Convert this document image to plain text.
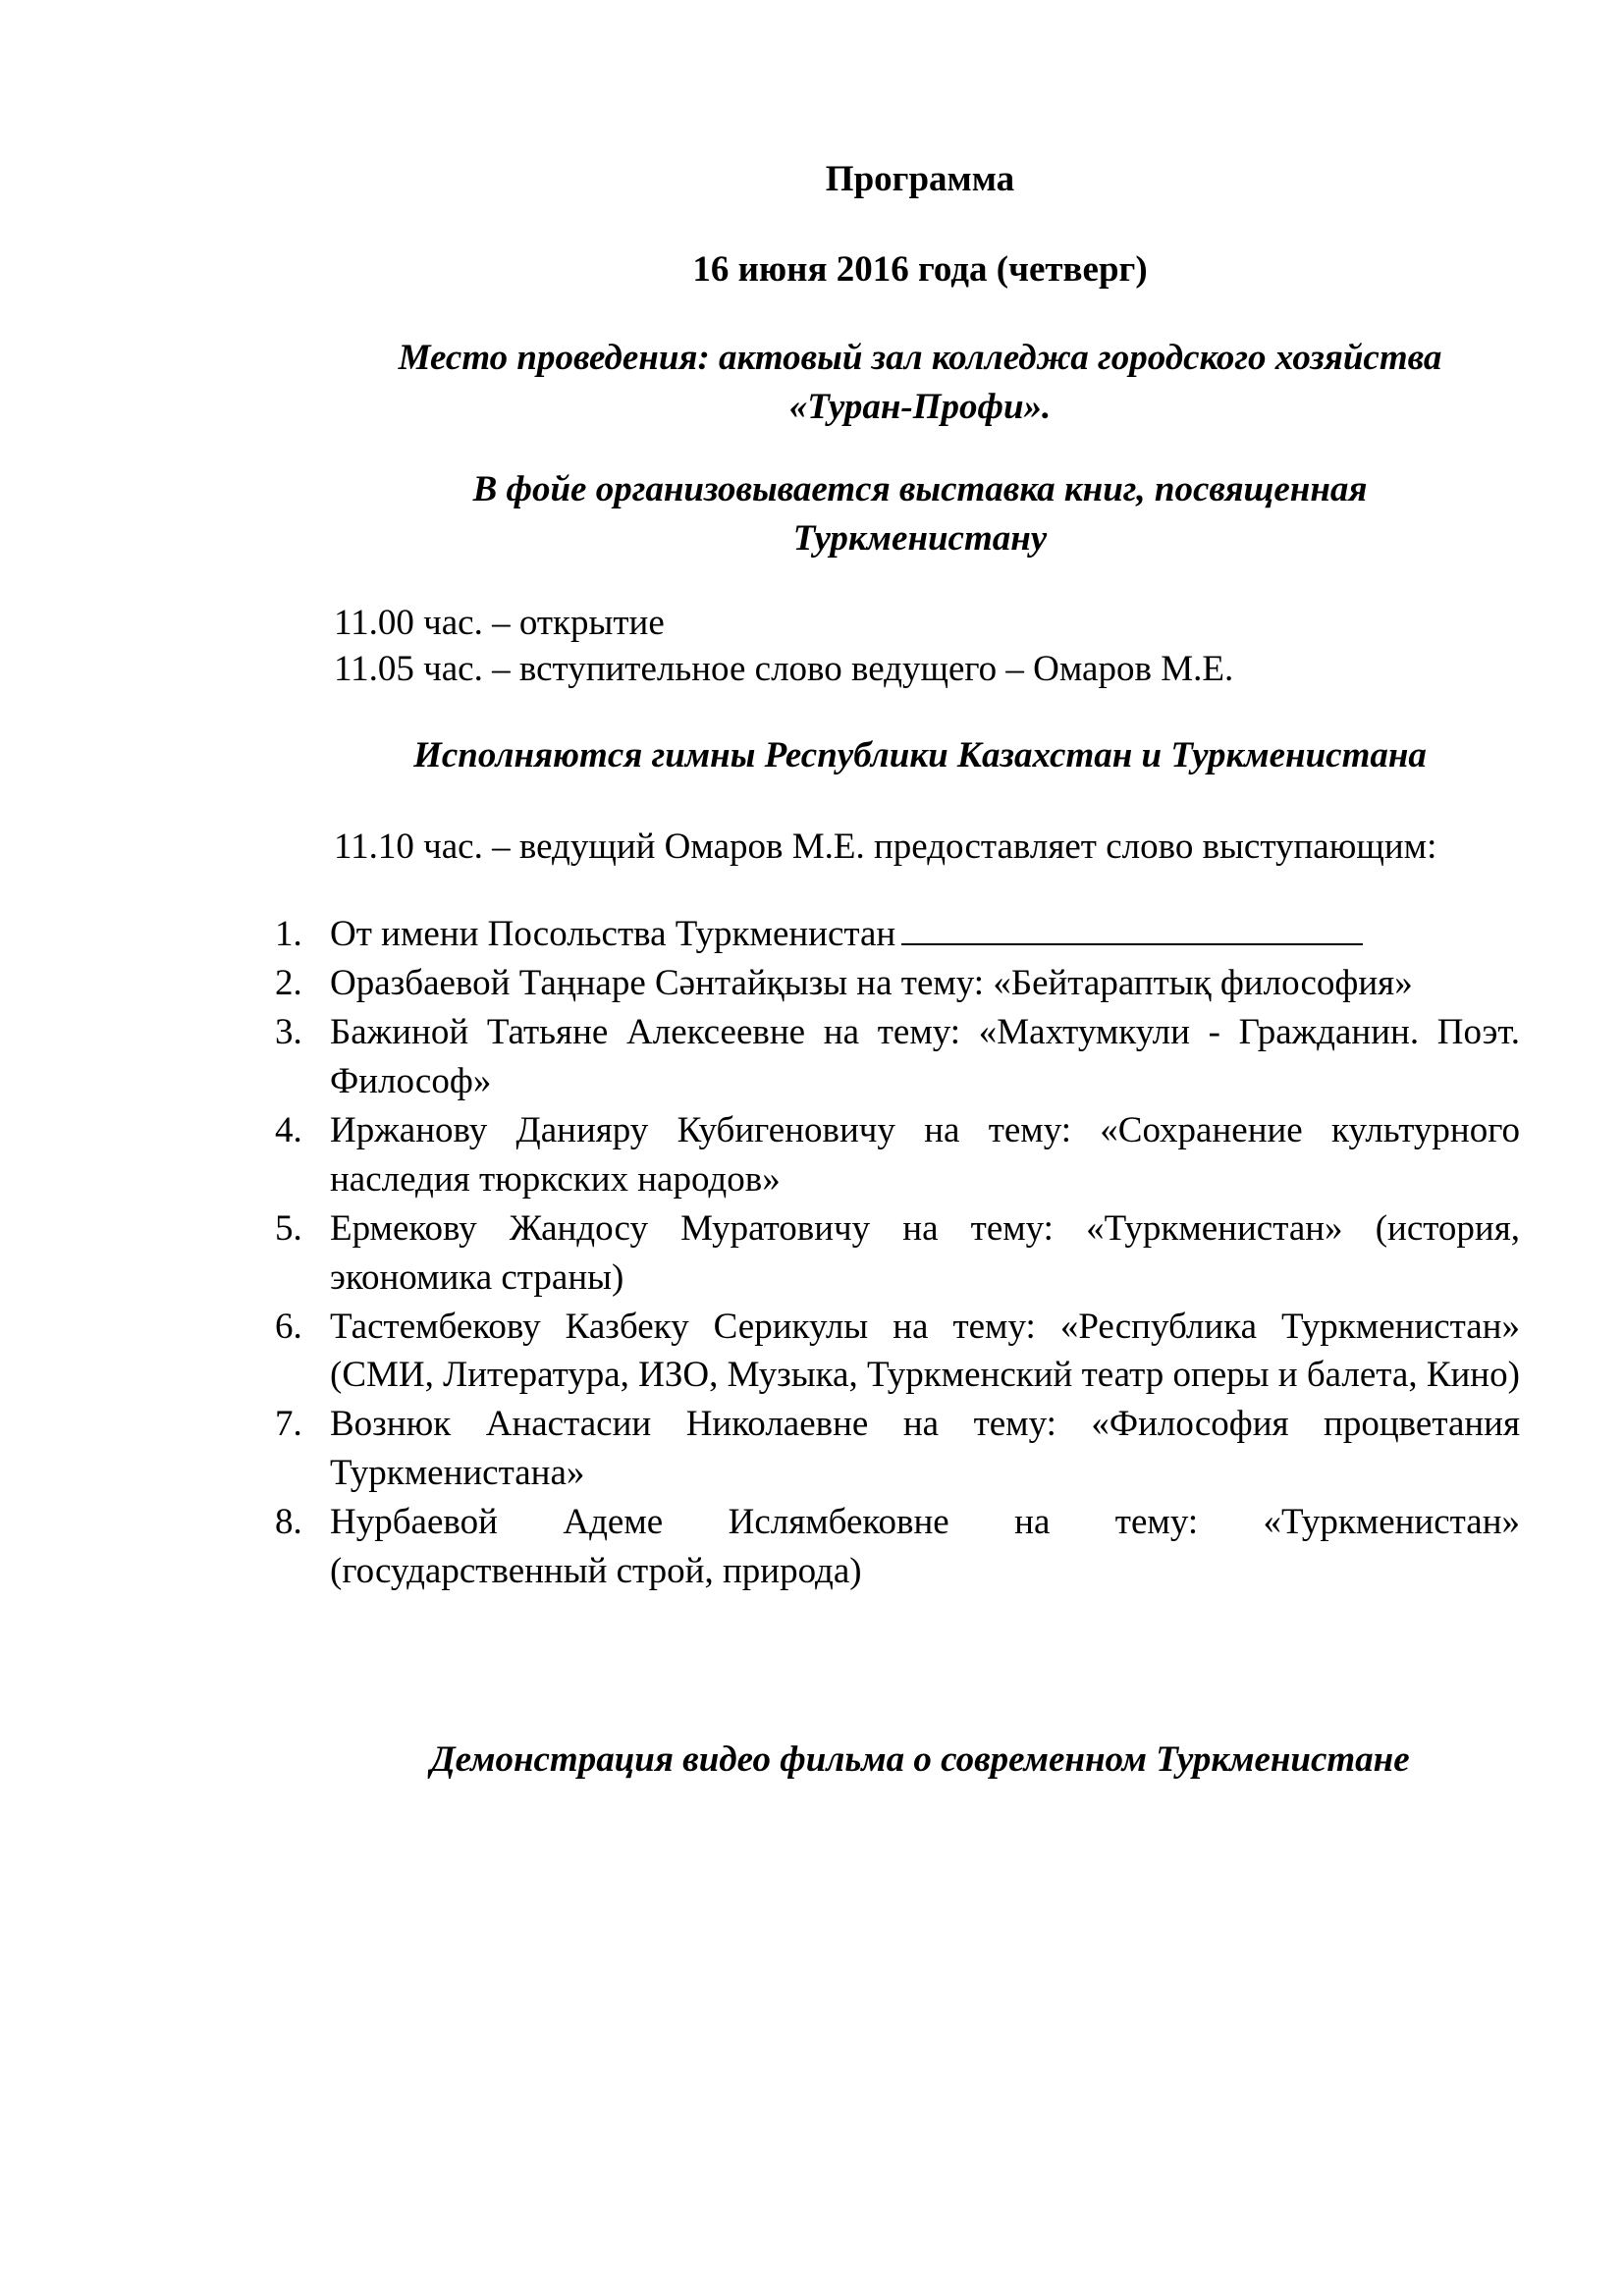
Программа
16 июня 2016 года (четверг)
Место проведения: актовый зал колледжа городского хозяйства
«Туран-Профи».
В фойе организовывается выставка книг, посвященная
Туркменистану
11.00 час. – открытие
11.05 час. – вступительное слово ведущего – Омаров М.Е.
Исполняются гимны Республики Казахстан и Туркменистана
11.10 час. – ведущий Омаров М.Е. предоставляет слово выступающим:

1. От имени Посольства Туркменистан

2. Оразбаевой Таңнаре Сәнтайқызы на тему: «Бейтараптық философия»

3. Бажиной Татьяне Алексеевне на тему: «Махтумкули - Гражданин. Поэт. Философ»

4. Иржанову Данияру Кубигеновичу на тему: «Сохранение культурного наследия тюркских народов»

5. Ермекову Жандосу Муратовичу на тему: «Туркменистан» (история, экономика страны)

6. Тастембекову Казбеку Серикулы на тему: «Республика Туркменистан» (СМИ, Литература, ИЗО, Музыка, Туркменский театр оперы и балета, Кино)

7. Вознюк Анастасии Николаевне на тему: «Философия процветания Туркменистана»

8. Нурбаевой Адеме Ислямбековне на тему: «Туркменистан» (государственный строй, природа)

Демонстрация видео фильма о современном Туркменистане
